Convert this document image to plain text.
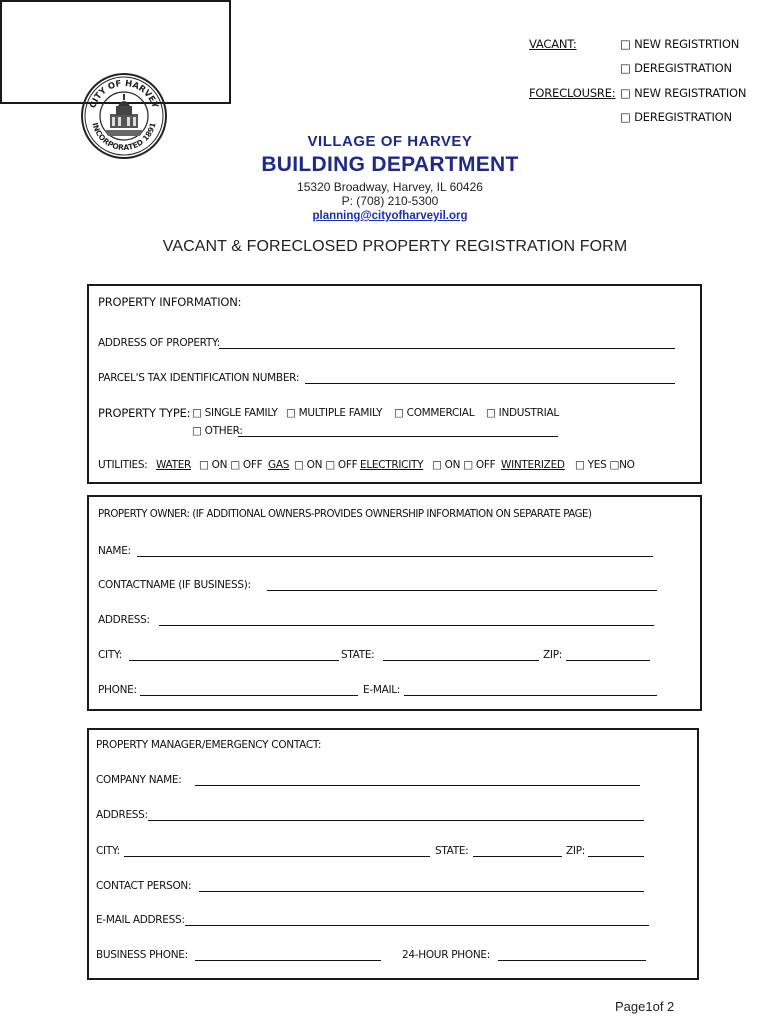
VACANT:	□ NEW REGISTRTION
□ DEREGISTRATION
FORECLOUSRE: □ NEW REGISTRATION
□ DEREGISTRATION
CITY OF HARVEY
INCORPORATED 1891
VILLAGE OF HARVEY
BUILDING DEPARTMENT
15320 Broadway, Harvey, IL 60426
P: (708) 210-5300
planning@cityofharveyil.org
VACANT & FORECLOSED PROPERTY REGISTRATION FORM
PROPERTY INFORMATION:
ADDRESS OF PROPERTY:
PARCEL'S TAX IDENTIFICATION NUMBER:
PROPERTY TYPE: □ SINGLE FAMILY □ MULTIPLE FAMILY □ COMMERCIAL □ INDUSTRIAL
□ OTHER:
UTILITIES: WATER □ ON □ OFF GAS □ ON □ OFF ELECTRICITY □ ON □ OFF WINTERIZED □ YES □NO
PROPERTY OWNER: (IF ADDITIONAL OWNERS-PROVIDES OWNERSHIP INFORMATION ON SEPARATE PAGE)
NAME:
CONTACTNAME (IF BUSINESS):
ADDRESS:
CITY:	STATE:	ZIP:
PHONE:	E-MAIL:
PROPERTY MANAGER/EMERGENCY CONTACT:
COMPANY NAME:
ADDRESS:
CITY:	STATE:	ZIP:
CONTACT PERSON:
E-MAIL ADDRESS:
BUSINESS PHONE:	24-HOUR PHONE:
Page1of 2
